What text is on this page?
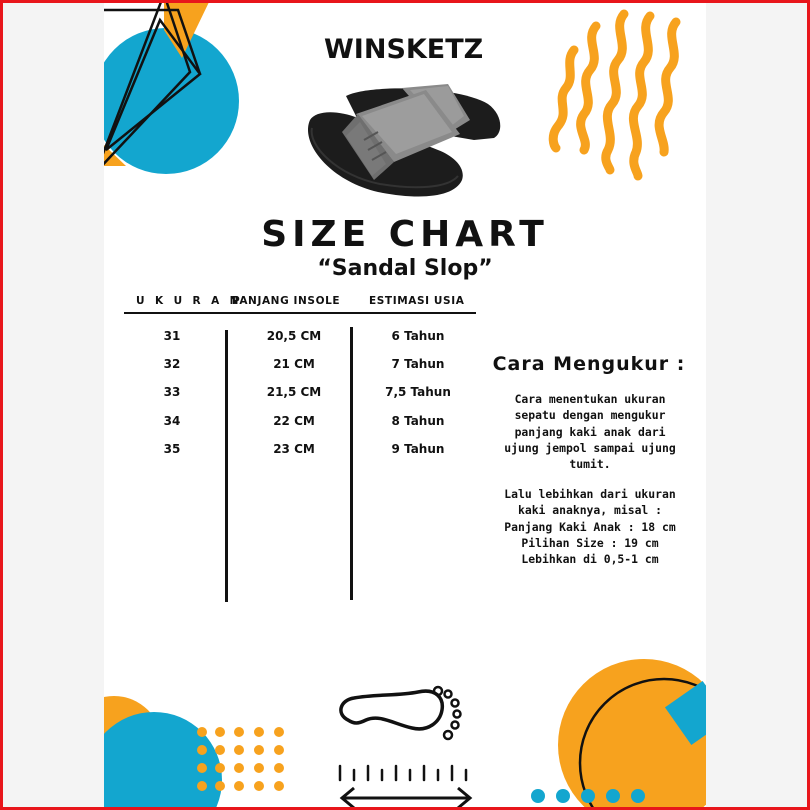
WINSKETZ
SIZE CHART
“Sandal Slop”
U K U R A N
PANJANG INSOLE	ESTIMASI USIA
31	20,5 CM	6 Tahun
32	21 CM	7 Tahun
33	21,5 CM	7,5 Tahun
34	22 CM	8 Tahun
35	23 CM	9 Tahun
Cara Mengukur :
Cara menentukan ukuran
sepatu dengan mengukur
panjang kaki anak dari
ujung jempol sampai ujung
tumit.
Lalu lebihkan dari ukuran
kaki anaknya, misal :
Panjang Kaki Anak : 18 cm
Pilihan Size : 19 cm
Lebihkan di 0,5-1 cm
